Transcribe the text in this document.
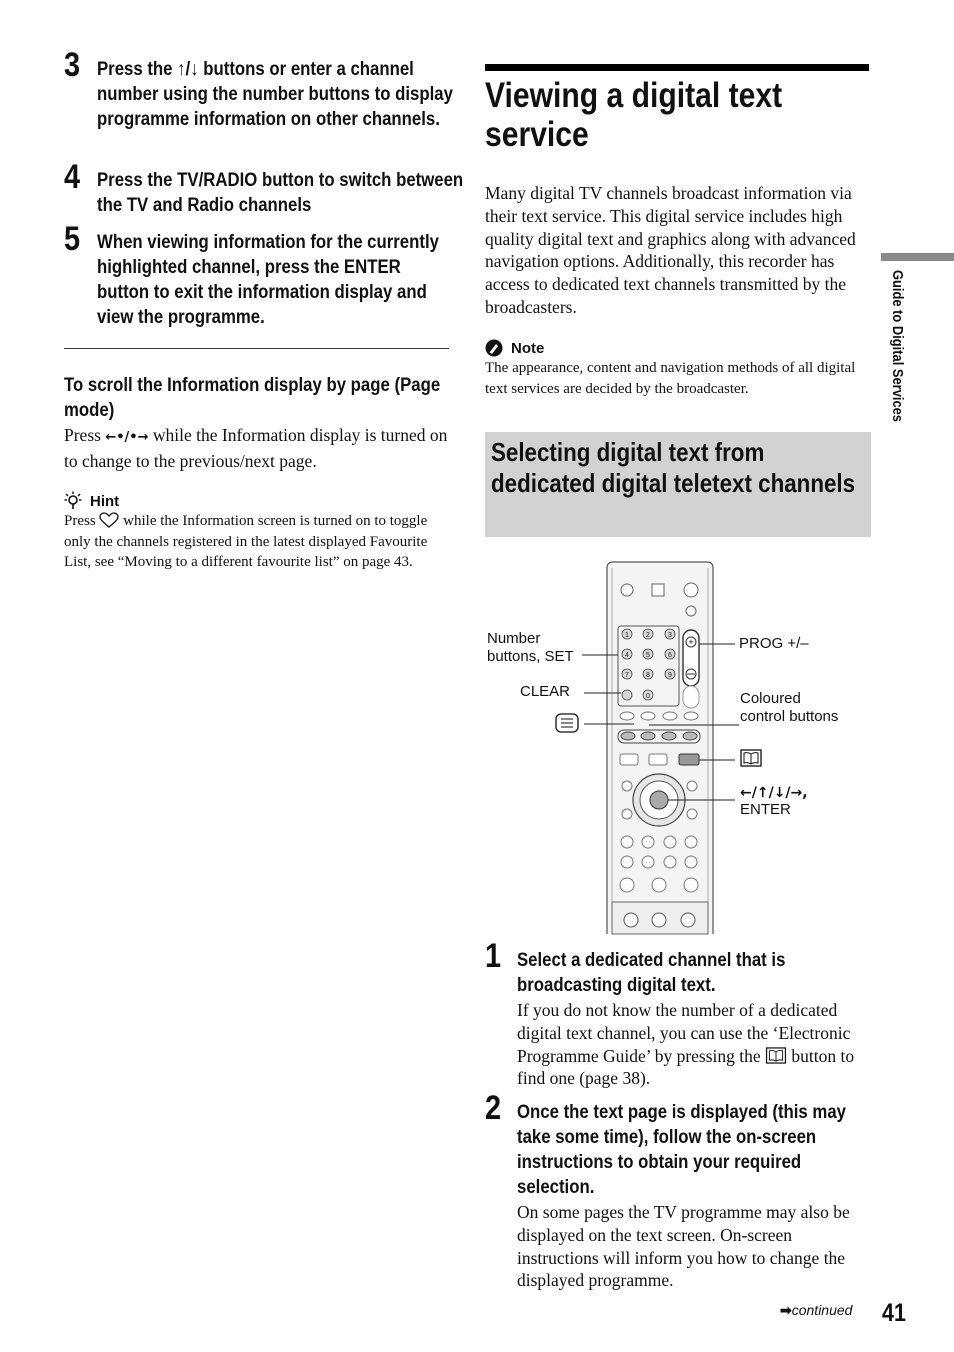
3 Press the ↑/↓ buttons or enter a channel number using the number buttons to display programme information on other channels.
4 Press the TV/RADIO button to switch between the TV and Radio channels
5 When viewing information for the currently highlighted channel, press the ENTER button to exit the information display and view the programme.
To scroll the Information display by page (Page mode)
Press ←•/•→ while the Information display is turned on to change to the previous/next page.
Hint
Press  while the Information screen is turned on to toggle only the channels registered in the latest displayed Favourite List, see “Moving to a different favourite list” on page 43.
Viewing a digital text service
Many digital TV channels broadcast information via their text service. This digital service includes high quality digital text and graphics along with advanced navigation options. Additionally, this recorder has access to dedicated text channels transmitted by the broadcasters.
Note
The appearance, content and navigation methods of all digital text services are decided by the broadcaster.
Selecting digital text from dedicated digital teletext channels
1 2	3
4 5	6
7 8	9
0
+
Number buttons, SET
CLEAR
PROG +/–
Coloured control buttons
←/↑/↓/→,
ENTER
1 Select a dedicated channel that is broadcasting digital text.
If you do not know the number of a dedicated digital text channel, you can use the ‘Electronic Programme Guide’ by pressing the  button to find one (page 38).
2 Once the text page is displayed (this may take some time), follow the on-screen instructions to obtain your required selection.
On some pages the TV programme may also be displayed on the text screen. On-screen instructions will inform you how to change the displayed programme.
Guide to Digital Services
➡continued 41
